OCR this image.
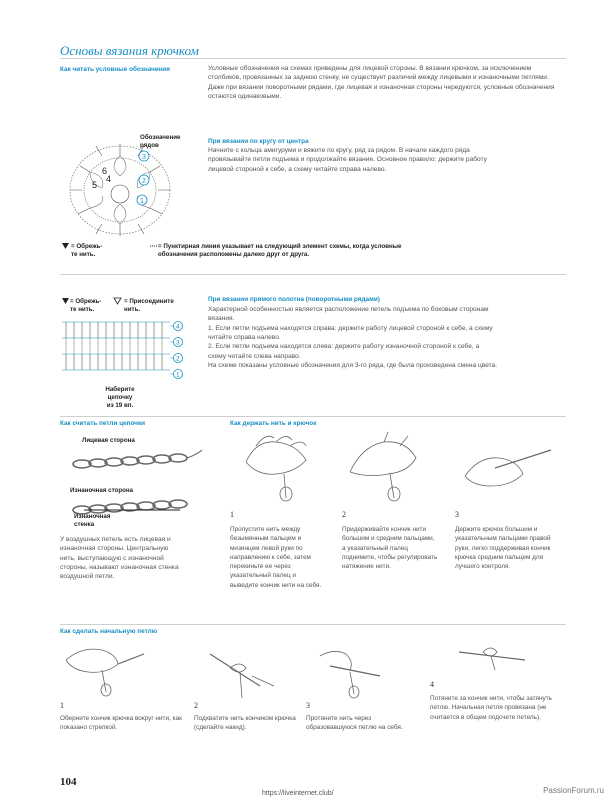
Основы вязания крючком
Как читать условные обозначения	Условные обозначения на схемах приведены для лицевой стороны. В вязании крючком, за исключением столбиков, провязанных за заднюю стенку, не существует различий между лицевыми и изнаночными петлями. Даже при вязании поворотными рядами, где лицевая и изнаночная стороны чередуются, условные обозначения остаются одинаковыми.
6
5
4
3
2
1
Обозначение рядов
= Обрежь-
те нить.
= Пунктирная линия указывает на следующий элемент схемы, когда условные обозначения расположены далеко друг от друга.
При вязании по кругу от центра
Начните с кольца амигуруми и вяжите по кругу, ряд за рядом. В начале каждого ряда провязывайте петли подъема и продолжайте вязание. Основное правило: держите работу лицевой стороной к себе, а схему читайте справа налево.
= Обрежь-
те нить.
= Присоедините
нить.
4
3
2
1
Наберите
цепочку
из 19 вп.
При вязании прямого полотна (поворотными рядами)
Характерной особенностью является расположение петель подъема по боковым сторонам вязания.
1. Если петли подъема находятся справа: держите работу лицевой стороной к себе, а схему читайте справа налево.
2. Если петли подъема находятся слева: держите работу изнаночной стороной к себе, а схему читайте слева направо.
На схеме показаны условные обозначения для 3-го ряда, где была произведена смена цвета.
Как считать петли цепочки
Лицевая сторона
Изнаночная сторона
Изнаночная
стенка
У воздушных петель есть лицевая и изнаночная стороны. Центральную нить, выступающую с изнаночной стороны, называют изнаночная стенка воздушной петли.
Как держать нить и крючок
1
Пропустите нить между безымянным пальцем и мизинцем левой руки по направлению к себе, затем перекиньте ее через указательный палец и выведите кончик нити на себя.
2
Придерживайте кончик нити большим и средним пальцами, а указательный палец поднимите, чтобы регулировать натяжение нити.
3
Держите крючок большим и указательным пальцами правой руки, легко поддерживая кончик крючка средним пальцем для лучшего контроля.
Как сделать начальную петлю
1
Оберните кончик крючка вокруг нити, как показано стрелкой.
2
Подхватите нить кончиком крючка (сделайте накид).
3
Протяните нить через образовавшуюся петлю на себя.
4
Потяните за кончик нити, чтобы затянуть петлю. Начальная петля провязана (не считается в общем подсчете петель).
104
https://liveinternet.club/	PassionForum.ru
